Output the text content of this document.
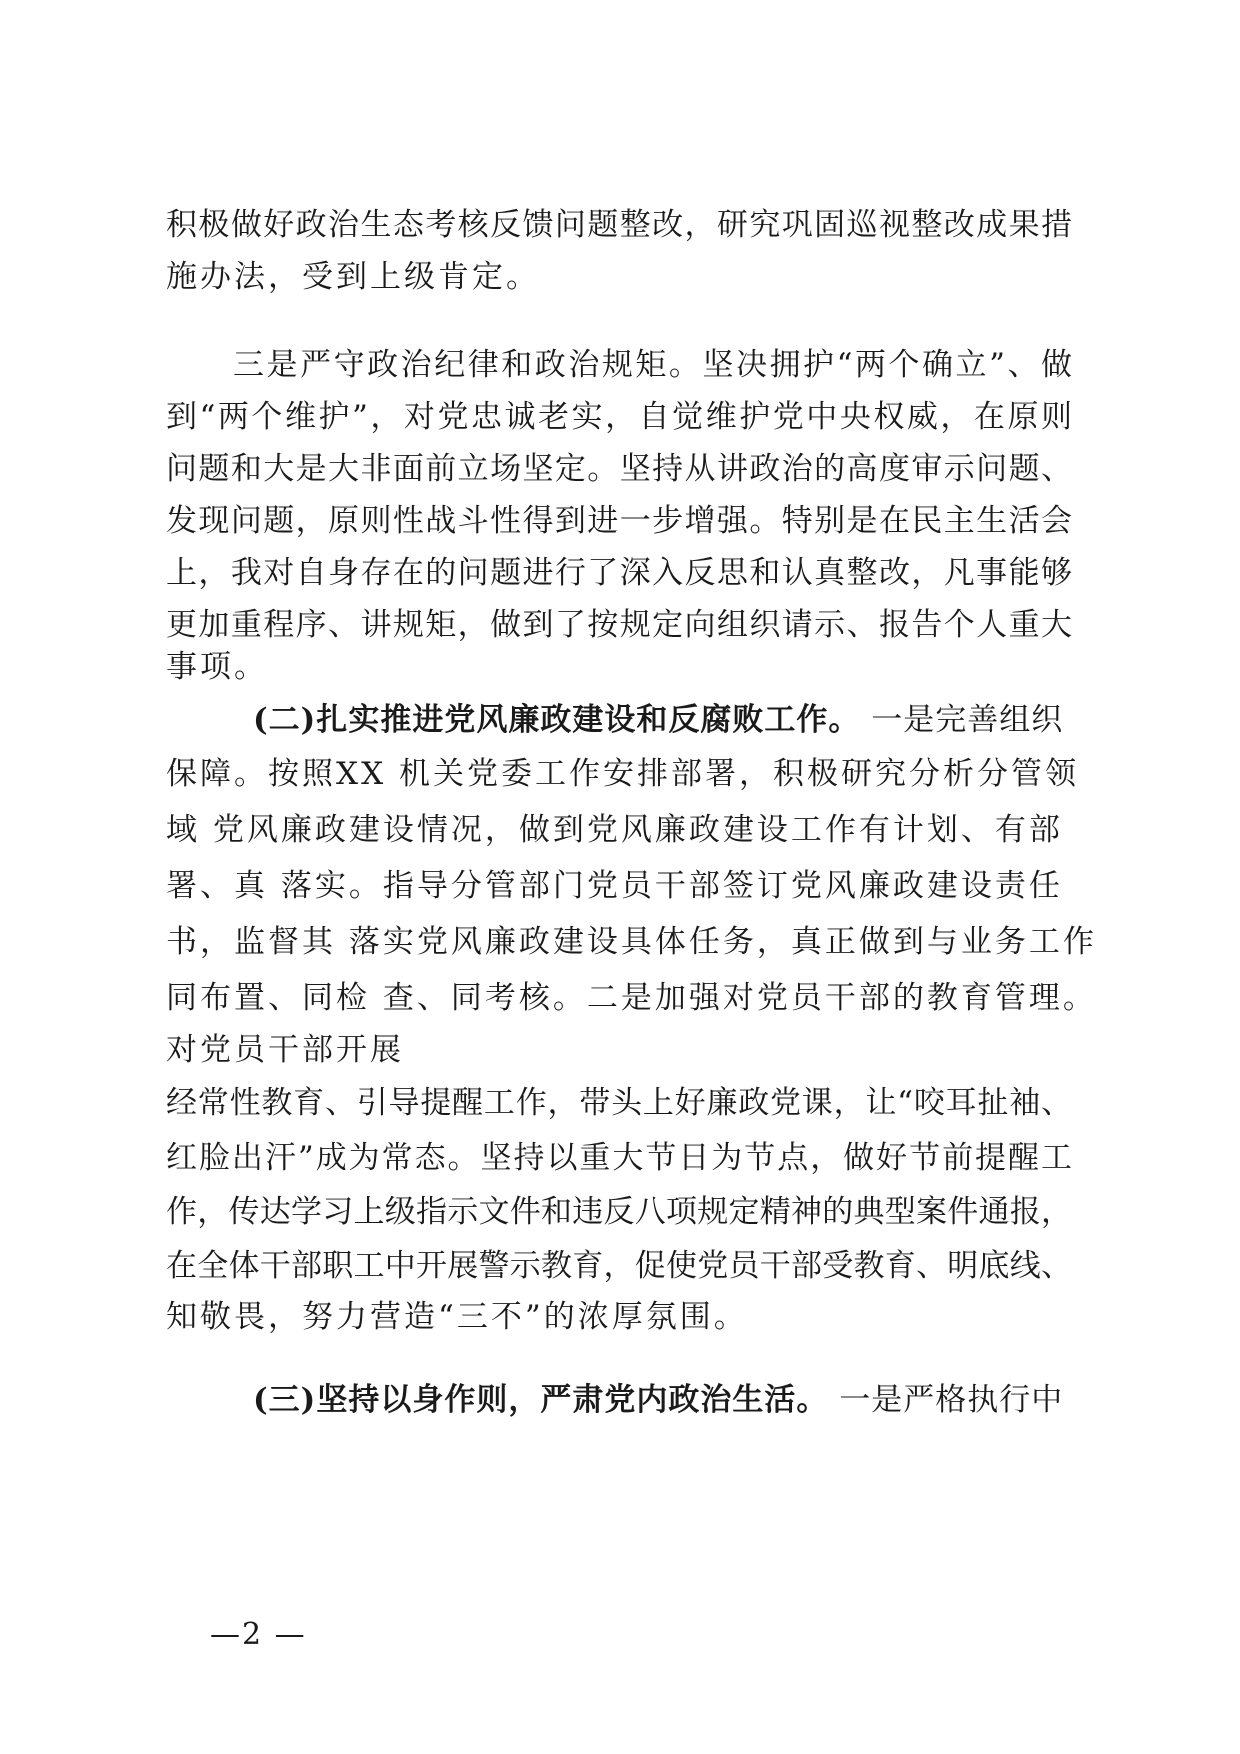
积极做好政治生态考核反馈问题整改，研究巩固巡视整改成果措
施办法，受到上级肯定。
三是严守政治纪律和政治规矩。坚决拥护“两个确立”、做
到“两个维护”，对党忠诚老实，自觉维护党中央权威，在原则
问题和大是大非面前立场坚定。坚持从讲政治的高度审示问题、
发现问题，原则性战斗性得到进一步增强。特别是在民主生活会
上，我对自身存在的问题进行了深入反思和认真整改，凡事能够
更加重程序、讲规矩，做到了按规定向组织请示、报告个人重大
事项。
(二)扎实推进党风廉政建设和反腐败工作。 一是完善组织
保障。按照XX 机关党委工作安排部署，积极研究分析分管领
域 党风廉政建设情况，做到党风廉政建设工作有计划、有部
署、真 落实。指导分管部门党员干部签订党风廉政建设责任
书，监督其 落实党风廉政建设具体任务，真正做到与业务工作
同布置、同检 查、同考核。二是加强对党员干部的教育管理。
对党员干部开展
经常性教育、引导提醒工作，带头上好廉政党课，让“咬耳扯袖、
红脸出汗”成为常态。坚持以重大节日为节点，做好节前提醒工
作，传达学习上级指示文件和违反八项规定精神的典型案件通报，
在全体干部职工中开展警示教育，促使党员干部受教育、明底线、
知敬畏，努力营造“三不”的浓厚氛围。
(三)坚持以身作则，严肃党内政治生活。 一是严格执行中
—2 —
